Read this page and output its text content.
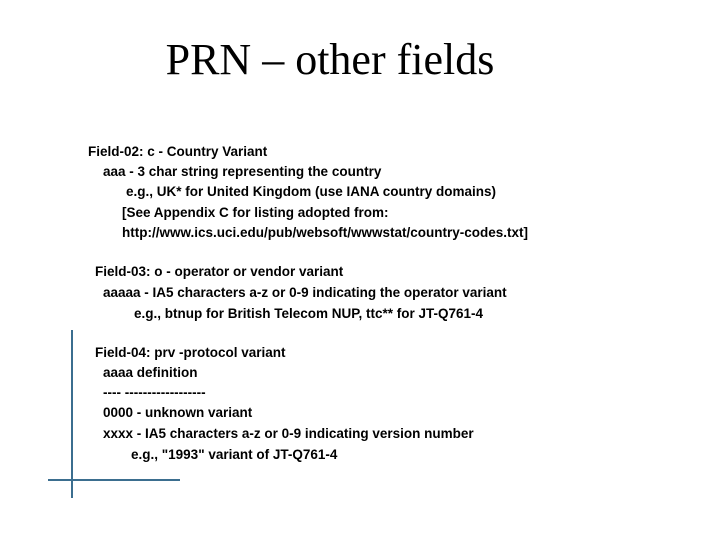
PRN – other fields
Field-02: c - Country Variant
aaa - 3 char string representing the country
e.g., UK* for United Kingdom (use IANA country domains)
[See Appendix C for listing adopted from:
http://www.ics.uci.edu/pub/websoft/wwwstat/country-codes.txt]
Field-03: o - operator or vendor variant
aaaaa - IA5 characters a-z or 0-9 indicating the operator variant
e.g., btnup for British Telecom NUP, ttc** for JT-Q761-4
Field-04: prv -protocol variant
aaaa definition
---- ------------------
0000 - unknown variant
xxxx - IA5 characters a-z or 0-9 indicating version number
e.g., "1993" variant of JT-Q761-4
